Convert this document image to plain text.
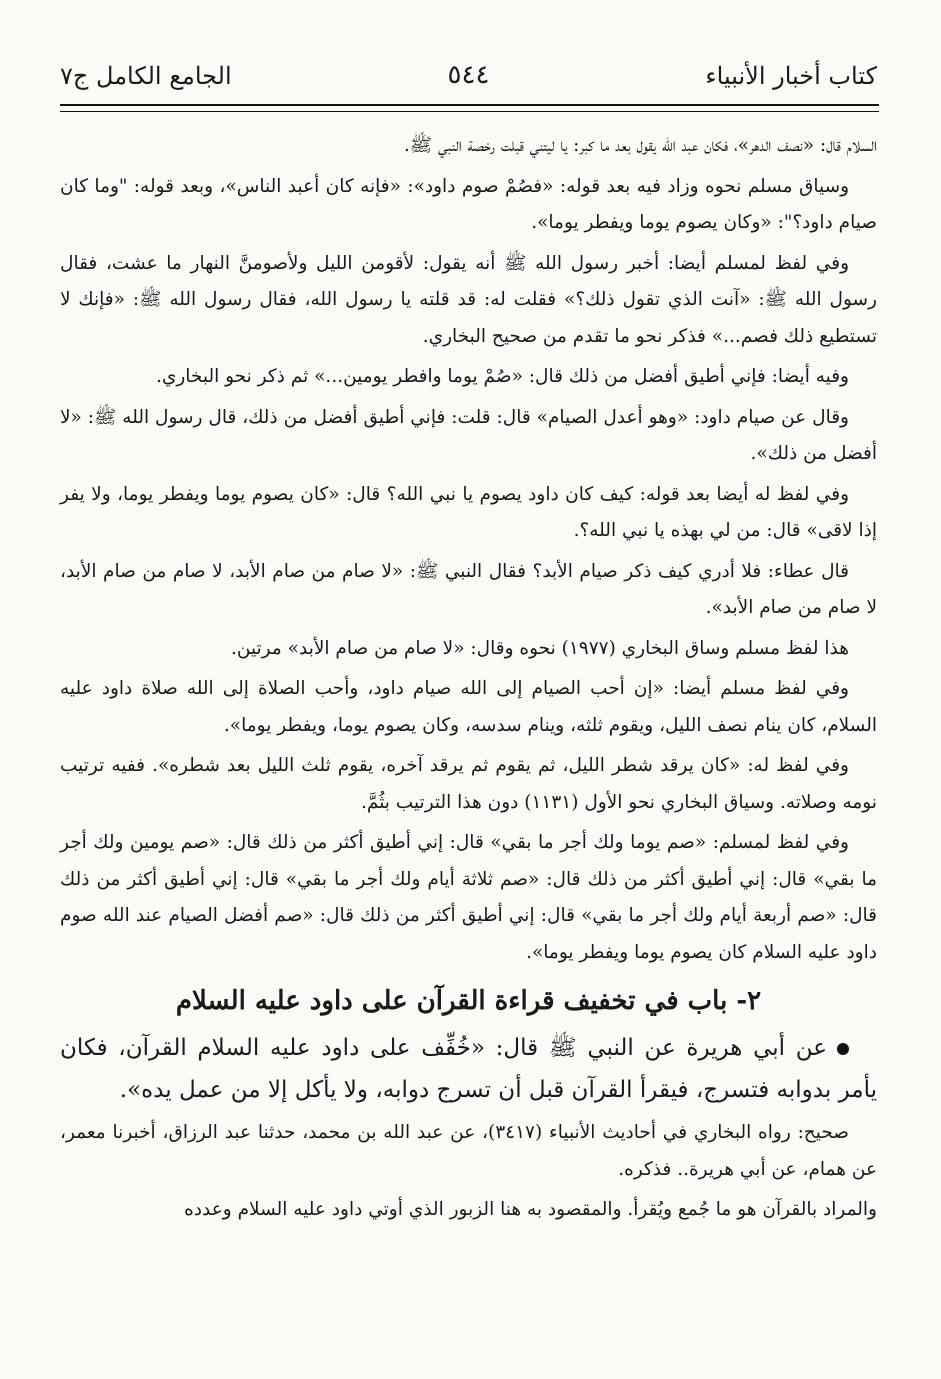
كتاب أخبار الأنبياء
٥٤٤
الجامع الكامل ج٧

السلام قال: «نصف الدهر»، فكان عبد الله يقول بعد ما كبر: يا ليتني قبلت رخصة النبي ﷺ.

وسياق مسلم نحوه وزاد فيه بعد قوله: «فصُمْ صوم داود»: «فإنه كان أعبد الناس»، وبعد قوله: "وما كان صيام داود؟": «وكان يصوم يوما ويفطر يوما».

وفي لفظ لمسلم أيضا: أخبر رسول الله ﷺ أنه يقول: لأقومن الليل ولأصومنَّ النهار ما عشت، فقال رسول الله ﷺ: «آنت الذي تقول ذلك؟» فقلت له: قد قلته يا رسول الله، فقال رسول الله ﷺ: «فإنك لا تستطيع ذلك فصم...» فذكر نحو ما تقدم من صحيح البخاري.

وفيه أيضا: فإني أطيق أفضل من ذلك قال: «صُمْ يوما وافطر يومين...» ثم ذكر نحو البخاري.

وقال عن صيام داود: «وهو أعدل الصيام» قال: قلت: فإني أطيق أفضل من ذلك، قال رسول الله ﷺ: «لا أفضل من ذلك».

وفي لفظ له أيضا بعد قوله: كيف كان داود يصوم يا نبي الله؟ قال: «كان يصوم يوما ويفطر يوما، ولا يفر إذا لاقى» قال: من لي بهذه يا نبي الله؟.

قال عطاء: فلا أدري كيف ذكر صيام الأبد؟ فقال النبي ﷺ: «لا صام من صام الأبد، لا صام من صام الأبد، لا صام من صام الأبد».

هذا لفظ مسلم وساق البخاري (١٩٧٧) نحوه وقال: «لا صام من صام الأبد» مرتين.

وفي لفظ مسلم أيضا: «إن أحب الصيام إلى الله صيام داود، وأحب الصلاة إلى الله صلاة داود عليه السلام، كان ينام نصف الليل، ويقوم ثلثه، وينام سدسه، وكان يصوم يوما، ويفطر يوما».

وفي لفظ له: «كان يرقد شطر الليل، ثم يقوم ثم يرقد آخره، يقوم ثلث الليل بعد شطره». ففيه ترتيب نومه وصلاته. وسياق البخاري نحو الأول (١١٣١) دون هذا الترتيب بثُمَّ.

وفي لفظ لمسلم: «صم يوما ولك أجر ما بقي» قال: إني أطيق أكثر من ذلك قال: «صم يومين ولك أجر ما بقي» قال: إني أطيق أكثر من ذلك قال: «صم ثلاثة أيام ولك أجر ما بقي» قال: إني أطيق أكثر من ذلك قال: «صم أربعة أيام ولك أجر ما بقي» قال: إني أطيق أكثر من ذلك قال: «صم أفضل الصيام عند الله صوم داود عليه السلام كان يصوم يوما ويفطر يوما».

٢- باب في تخفيف قراءة القرآن على داود عليه السلام

عن أبي هريرة عن النبي ﷺ قال: «خُفِّف على داود عليه السلام القرآن، فكان يأمر بدوابه فتسرج، فيقرأ القرآن قبل أن تسرج دوابه، ولا يأكل إلا من عمل يده».

صحيح: رواه البخاري في أحاديث الأنبياء (٣٤١٧)، عن عبد الله بن محمد، حدثنا عبد الرزاق، أخبرنا معمر، عن همام، عن أبي هريرة.. فذكره.

والمراد بالقرآن هو ما جُمع ويُقرأ. والمقصود به هنا الزبور الذي أوتي داود عليه السلام وعدده
